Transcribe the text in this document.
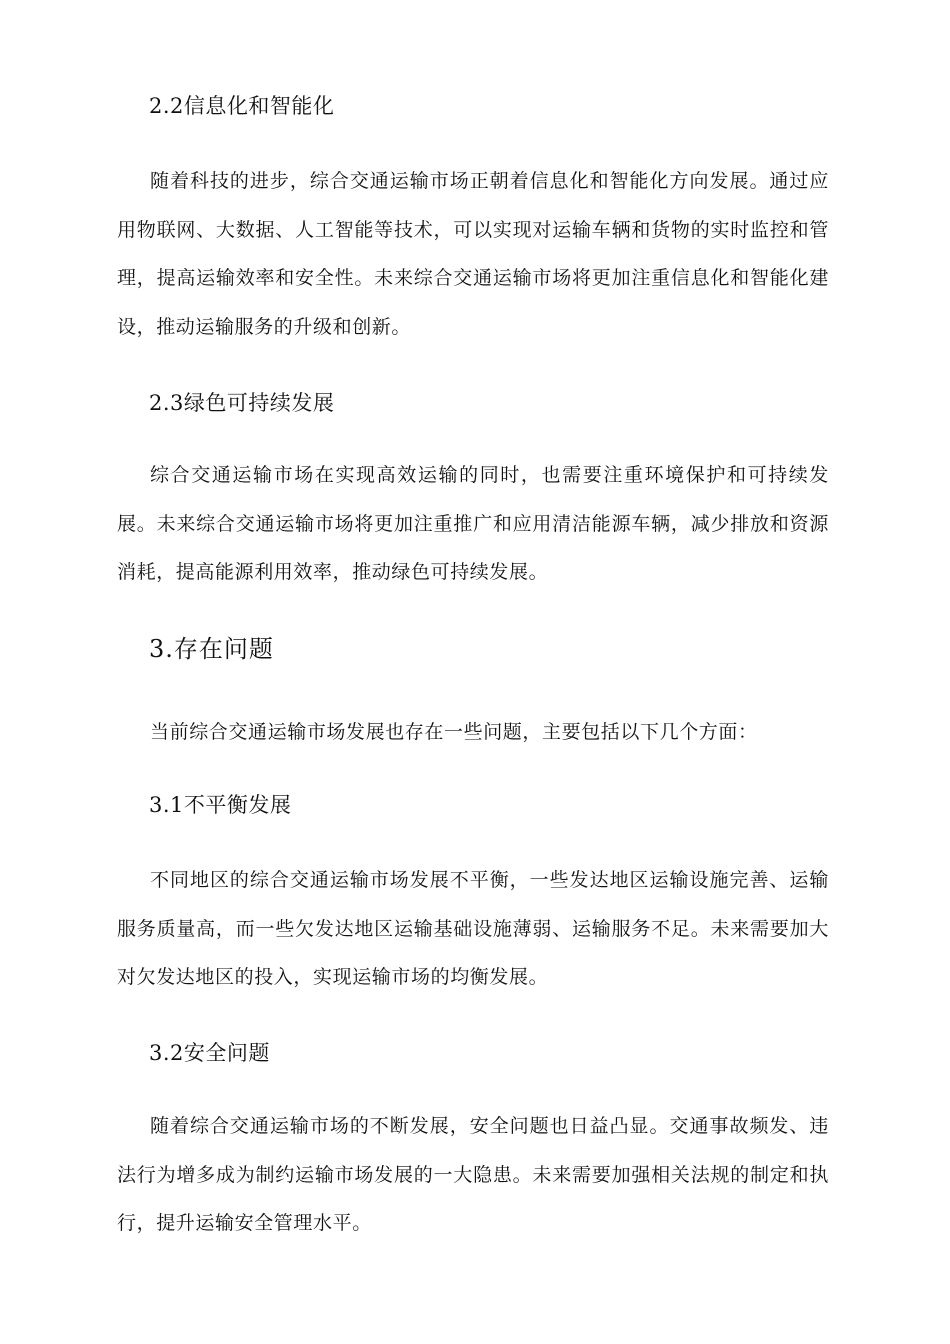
2.2信息化和智能化

随着科技的进步，综合交通运输市场正朝着信息化和智能化方向发展。通过应用物联网、大数据、人工智能等技术，可以实现对运输车辆和货物的实时监控和管理，提高运输效率和安全性。未来综合交通运输市场将更加注重信息化和智能化建设，推动运输服务的升级和创新。

2.3绿色可持续发展

综合交通运输市场在实现高效运输的同时，也需要注重环境保护和可持续发展。未来综合交通运输市场将更加注重推广和应用清洁能源车辆，减少排放和资源消耗，提高能源利用效率，推动绿色可持续发展。

3.存在问题

当前综合交通运输市场发展也存在一些问题，主要包括以下几个方面：

3.1不平衡发展

不同地区的综合交通运输市场发展不平衡，一些发达地区运输设施完善、运输服务质量高，而一些欠发达地区运输基础设施薄弱、运输服务不足。未来需要加大对欠发达地区的投入，实现运输市场的均衡发展。

3.2安全问题

随着综合交通运输市场的不断发展，安全问题也日益凸显。交通事故频发、违法行为增多成为制约运输市场发展的一大隐患。未来需要加强相关法规的制定和执行，提升运输安全管理水平。
